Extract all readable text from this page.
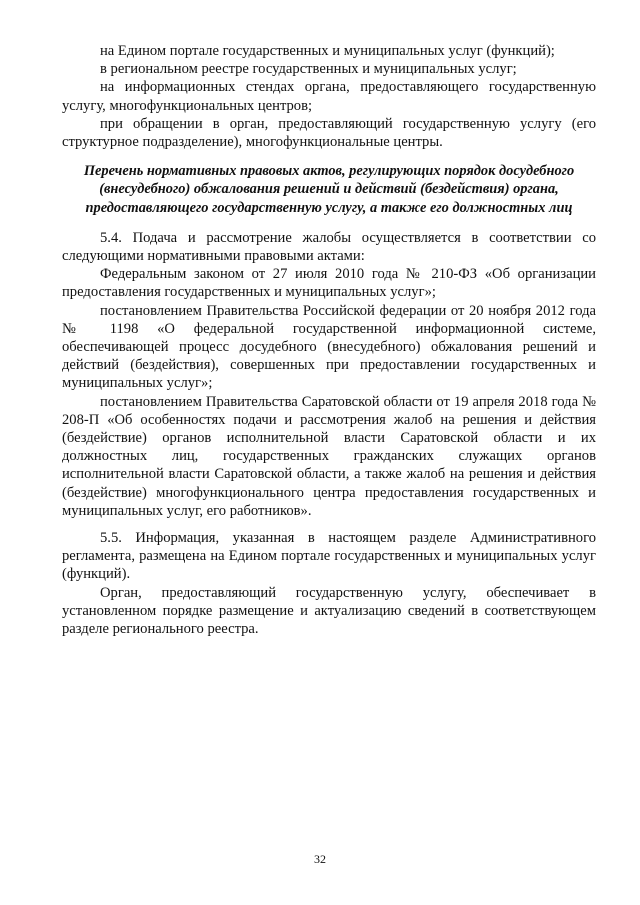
на Едином портале государственных и муниципальных услуг (функций);

в региональном реестре государственных и муниципальных услуг;

на информационных стендах органа, предоставляющего государственную услугу, многофункциональных центров;

при обращении в орган, предоставляющий государственную услугу (его структурное подразделение), многофункциональные центры.

Перечень нормативных правовых актов, регулирующих порядок досудебного (внесудебного) обжалования решений и действий (бездействия) органа, предоставляющего государственную услугу, а также его должностных лиц

5.4. Подача и рассмотрение жалобы осуществляется в соответствии со следующими нормативными правовыми актами:

Федеральным законом от 27 июля 2010 года № 210-ФЗ «Об организации предоставления государственных и муниципальных услуг»;

постановлением Правительства Российской федерации от 20 ноября 2012 года № 1198 «О федеральной государственной информационной системе, обеспечивающей процесс досудебного (внесудебного) обжалования решений и действий (бездействия), совершенных при предоставлении государственных и муниципальных услуг»;

постановлением Правительства Саратовской области от 19 апреля 2018 года № 208-П «Об особенностях подачи и рассмотрения жалоб на решения и действия (бездействие) органов исполнительной власти Саратовской области и их должностных лиц, государственных гражданских служащих органов исполнительной власти Саратовской области, а также жалоб на решения и действия (бездействие) многофункционального центра предоставления государственных и муниципальных услуг, его работников».

5.5. Информация, указанная в настоящем разделе Административного регламента, размещена на Едином портале государственных и муниципальных услуг (функций).

Орган, предоставляющий государственную услугу, обеспечивает в установленном порядке размещение и актуализацию сведений в соответствующем разделе регионального реестра.

32
